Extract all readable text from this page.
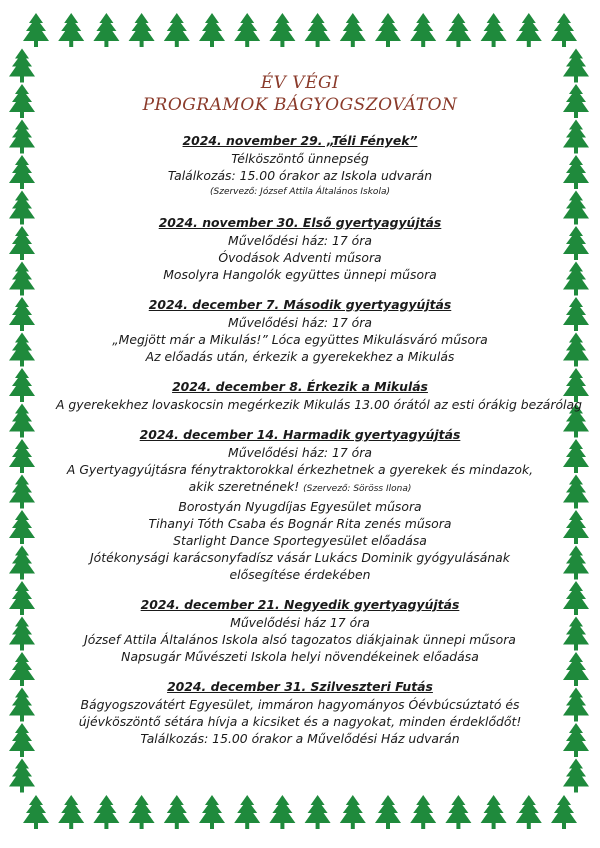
ÉV VÉGI
PROGRAMOK BÁGYOGSZOVÁTON
2024. november 29. „Téli Fények”
Télköszöntő ünnepség
Találkozás: 15.00 órakor az Iskola udvarán
(Szervező: József Attila Általános Iskola)
2024. november 30. Első gyertyagyújtás
Művelődési ház: 17 óra
Óvodások Adventi műsora
Mosolyra Hangolók együttes ünnepi műsora
2024. december 7. Második gyertyagyújtás
Művelődési ház: 17 óra
„Megjött már a Mikulás!” Lóca együttes Mikulásváró műsora
Az előadás után, érkezik a gyerekekhez a Mikulás
2024. december 8. Érkezik a Mikulás
A gyerekekhez lovaskocsin megérkezik Mikulás 13.00 órától az esti órákig bezárólag
2024. december 14. Harmadik gyertyagyújtás
Művelődési ház: 17 óra
A Gyertyagyújtásra fénytraktorokkal érkezhetnek a gyerekek és mindazok, akik szeretnének! (Szervező: Söröss Ilona)
Borostyán Nyugdíjas Egyesület műsora
Tihanyi Tóth Csaba és Bognár Rita zenés műsora
Starlight Dance Sportegyesület előadása
Jótékonysági karácsonyfadísz vásár Lukács Dominik gyógyulásának elősegítése érdekében
2024. december 21. Negyedik gyertyagyújtás
Művelődési ház 17 óra
József Attila Általános Iskola alsó tagozatos diákjainak ünnepi műsora
Napsugár Művészeti Iskola helyi növendékeinek előadása
2024. december 31. Szilveszteri Futás
Bágyogszovátért Egyesület, immáron hagyományos Óévbúcsúztató és újévköszöntő sétára hívja a kicsiket és a nagyokat, minden érdeklődőt!
Találkozás: 15.00 órakor a Művelődési Ház udvarán
